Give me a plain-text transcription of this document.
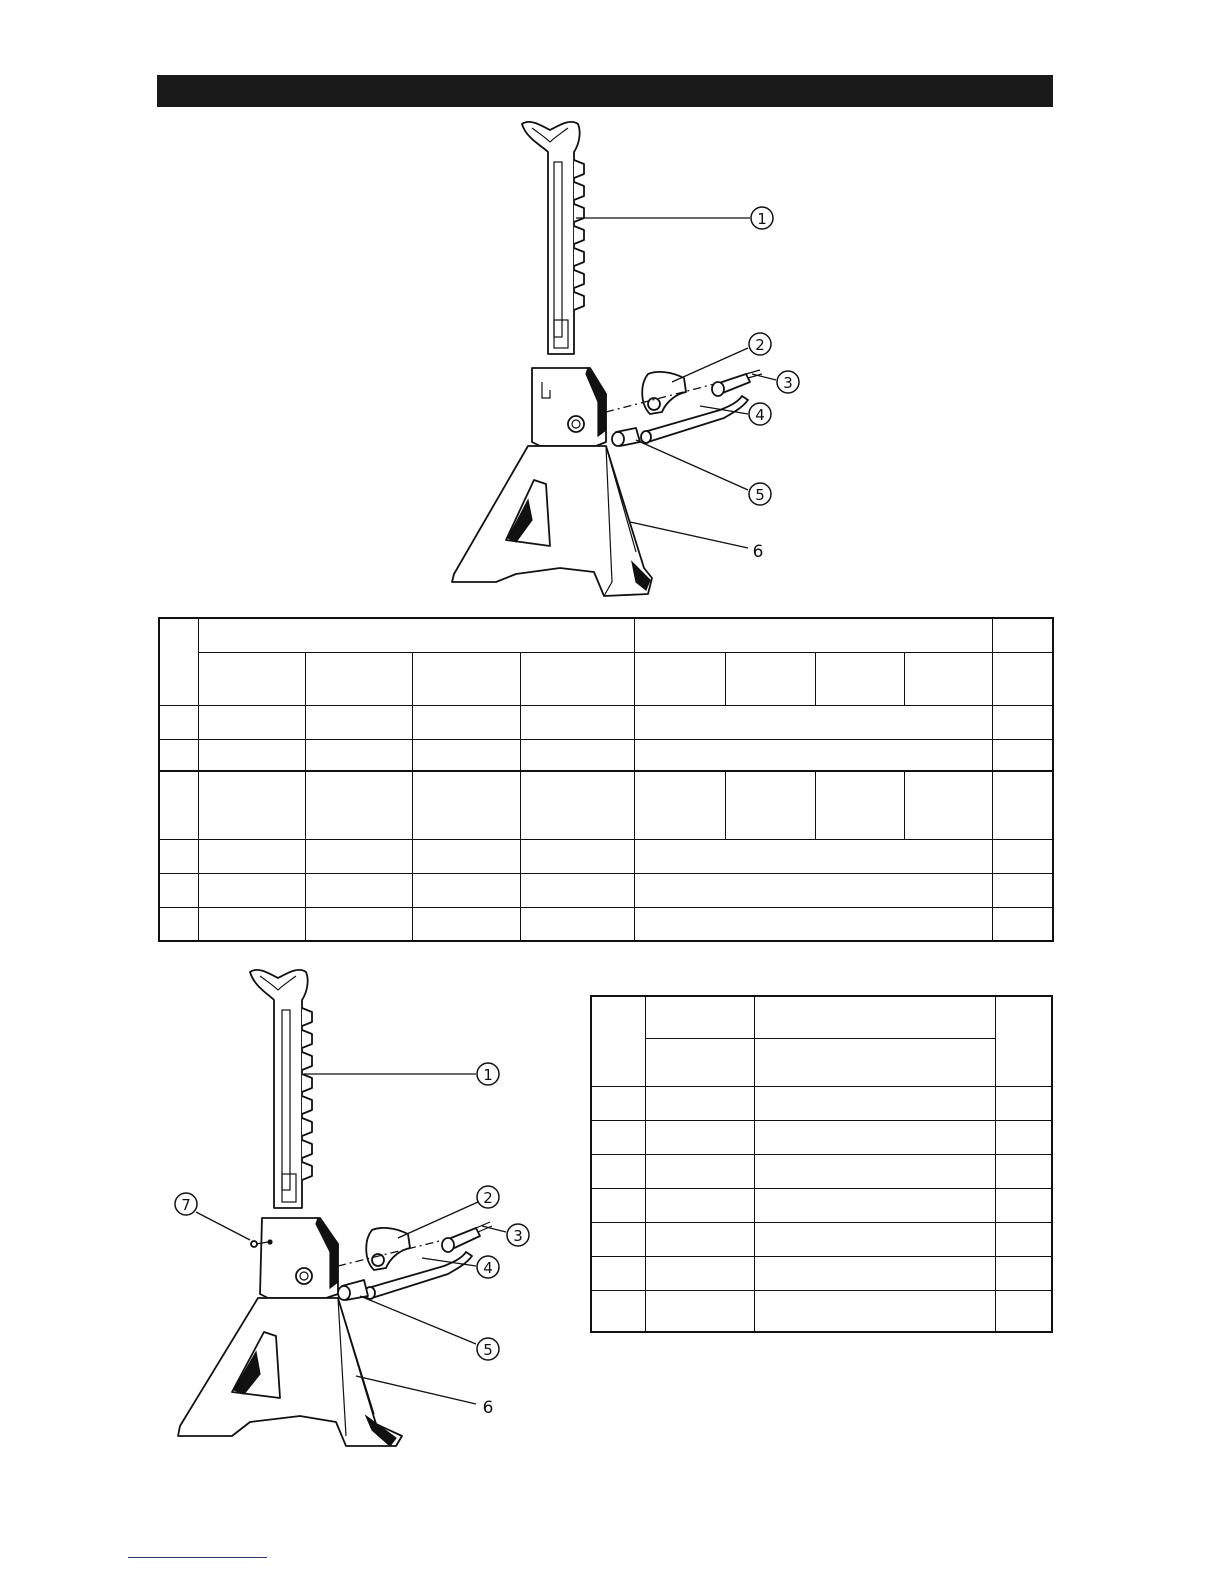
1
2
3
4
5
6

1
2
3
4
5
6
7
